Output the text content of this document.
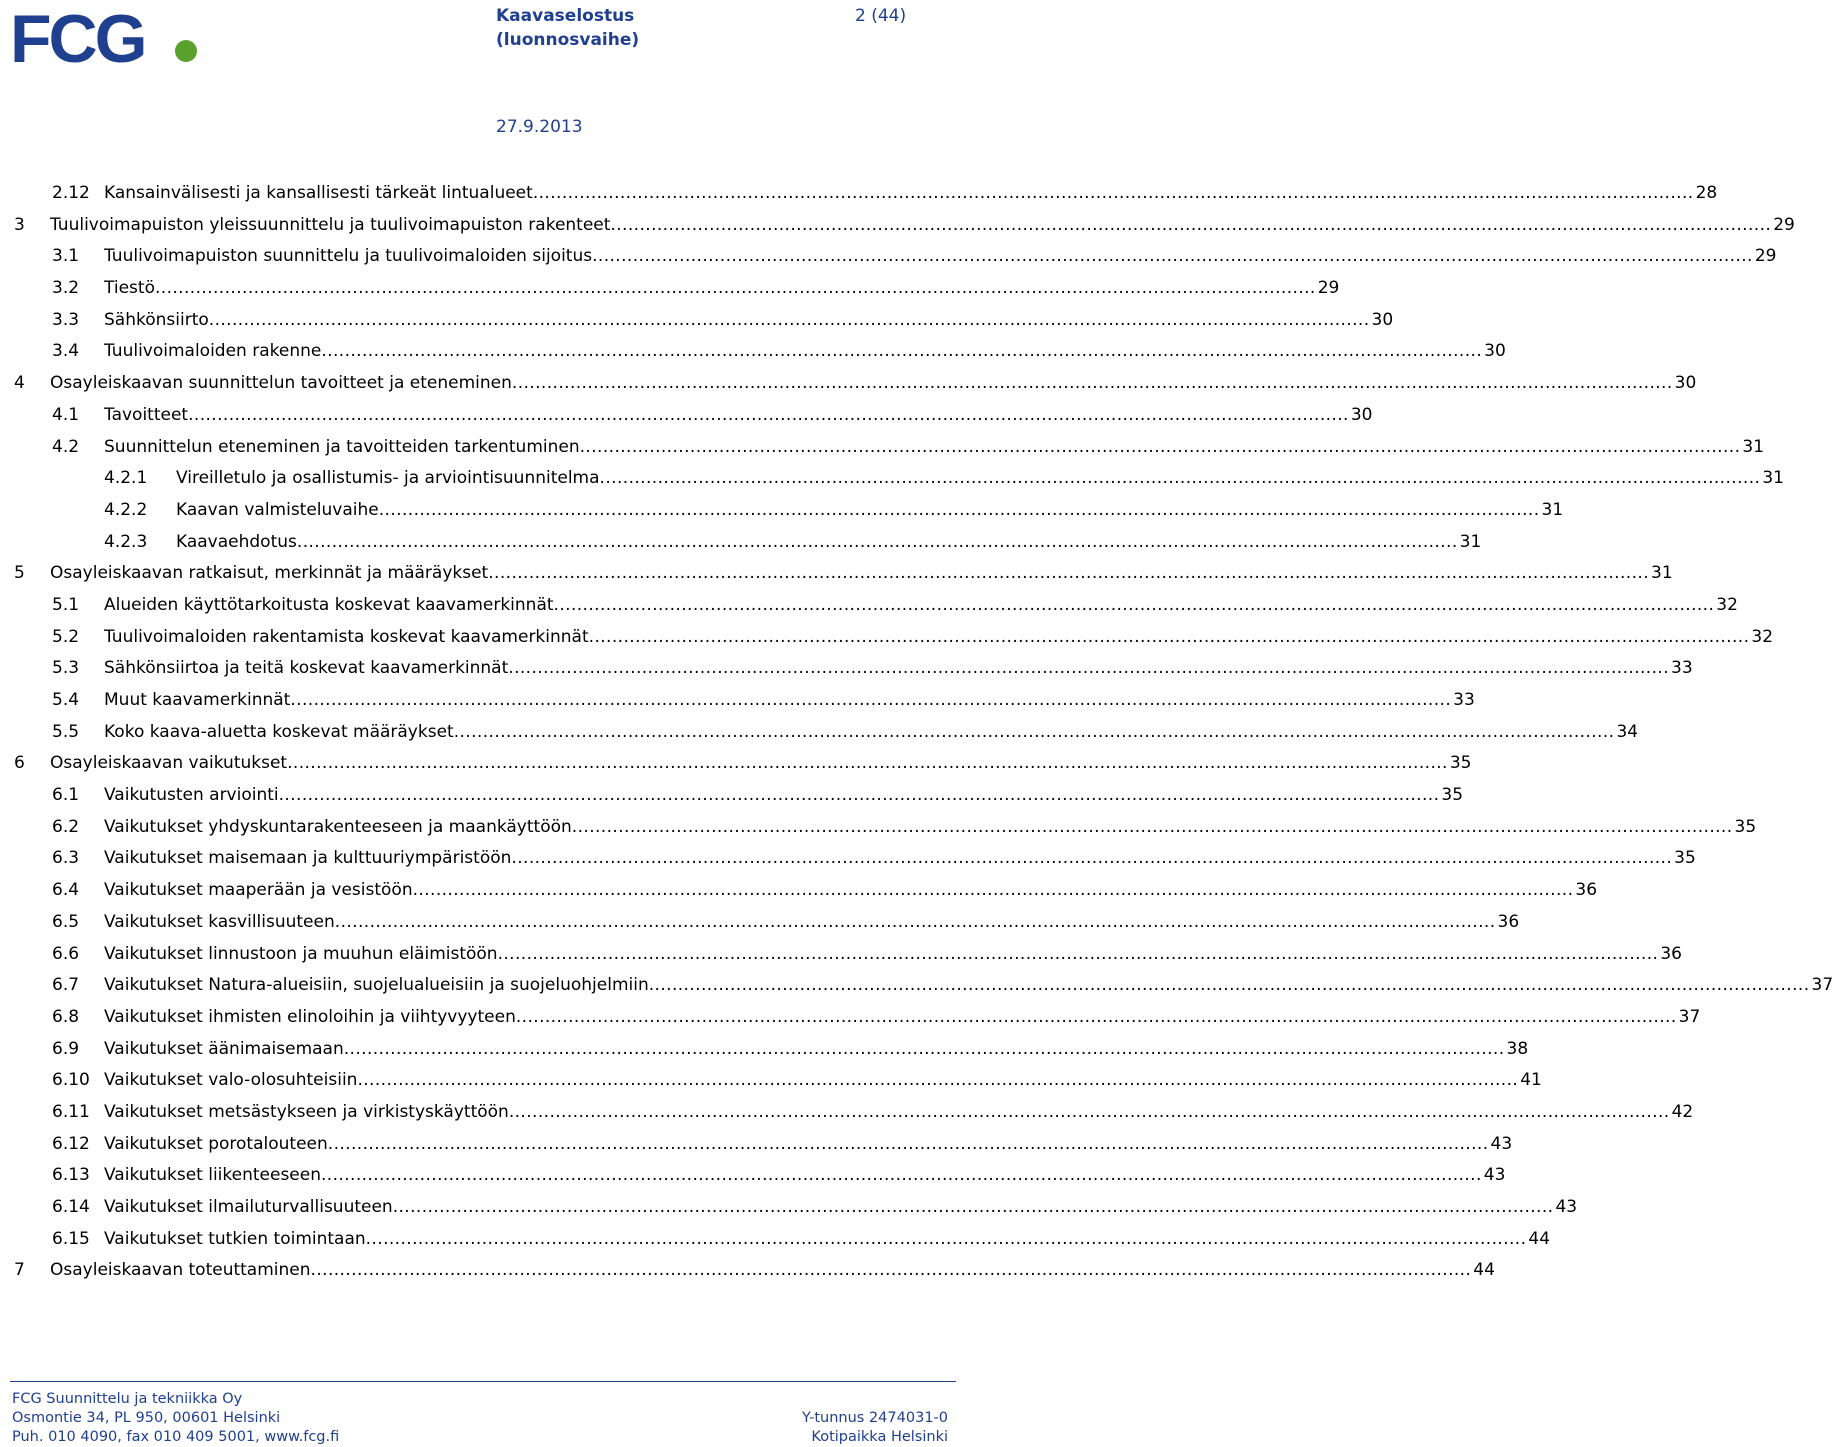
FCG	Kaavaselostus
(luonnosvaihe)
2 (44)
27.9.2013
2.12 Kansainvälisesti ja kansallisesti tärkeät lintualueet ........................................................................................................................................................................................................ 28
3 Tuulivoimapuiston yleissuunnittelu ja tuulivoimapuiston rakenteet ........................................................................................................................................................................................................ 29
3.1 Tuulivoimapuiston suunnittelu ja tuulivoimaloiden sijoitus ........................................................................................................................................................................................................ 29
3.2 Tiestö ........................................................................................................................................................................................................ 29
3.3 Sähkönsiirto ........................................................................................................................................................................................................ 30
3.4 Tuulivoimaloiden rakenne ........................................................................................................................................................................................................ 30
4 Osayleiskaavan suunnittelun tavoitteet ja eteneminen ........................................................................................................................................................................................................ 30
4.1 Tavoitteet ........................................................................................................................................................................................................ 30
4.2 Suunnittelun eteneminen ja tavoitteiden tarkentuminen ........................................................................................................................................................................................................ 31
4.2.1 Vireilletulo ja osallistumis- ja arviointisuunnitelma ........................................................................................................................................................................................................ 31
4.2.2 Kaavan valmisteluvaihe ........................................................................................................................................................................................................ 31
4.2.3 Kaavaehdotus ........................................................................................................................................................................................................ 31
5 Osayleiskaavan ratkaisut, merkinnät ja määräykset ........................................................................................................................................................................................................ 31
5.1 Alueiden käyttötarkoitusta koskevat kaavamerkinnät ........................................................................................................................................................................................................ 32
5.2 Tuulivoimaloiden rakentamista koskevat kaavamerkinnät ........................................................................................................................................................................................................ 32
5.3 Sähkönsiirtoa ja teitä koskevat kaavamerkinnät ........................................................................................................................................................................................................ 33
5.4 Muut kaavamerkinnät ........................................................................................................................................................................................................ 33
5.5 Koko kaava-aluetta koskevat määräykset ........................................................................................................................................................................................................ 34
6 Osayleiskaavan vaikutukset ........................................................................................................................................................................................................ 35
6.1 Vaikutusten arviointi ........................................................................................................................................................................................................ 35
6.2 Vaikutukset yhdyskuntarakenteeseen ja maankäyttöön ........................................................................................................................................................................................................ 35
6.3 Vaikutukset maisemaan ja kulttuuriympäristöön ........................................................................................................................................................................................................ 35
6.4 Vaikutukset maaperään ja vesistöön ........................................................................................................................................................................................................ 36
6.5 Vaikutukset kasvillisuuteen ........................................................................................................................................................................................................ 36
6.6 Vaikutukset linnustoon ja muuhun eläimistöön ........................................................................................................................................................................................................ 36
6.7 Vaikutukset Natura-alueisiin, suojelualueisiin ja suojeluohjelmiin ........................................................................................................................................................................................................ 37
6.8 Vaikutukset ihmisten elinoloihin ja viihtyvyyteen ........................................................................................................................................................................................................ 37
6.9 Vaikutukset äänimaisemaan ........................................................................................................................................................................................................ 38
6.10 Vaikutukset valo-olosuhteisiin ........................................................................................................................................................................................................ 41
6.11 Vaikutukset metsästykseen ja virkistyskäyttöön ........................................................................................................................................................................................................ 42
6.12 Vaikutukset porotalouteen ........................................................................................................................................................................................................ 43
6.13 Vaikutukset liikenteeseen ........................................................................................................................................................................................................ 43
6.14 Vaikutukset ilmailuturvallisuuteen ........................................................................................................................................................................................................ 43
6.15 Vaikutukset tutkien toimintaan ........................................................................................................................................................................................................ 44
7 Osayleiskaavan toteuttaminen ........................................................................................................................................................................................................ 44
FCG Suunnittelu ja tekniikka Oy
Osmontie 34, PL 950, 00601 Helsinki
Puh. 010 4090, fax 010 409 5001, www.fcg.fi
Y-tunnus 2474031-0
Kotipaikka Helsinki
